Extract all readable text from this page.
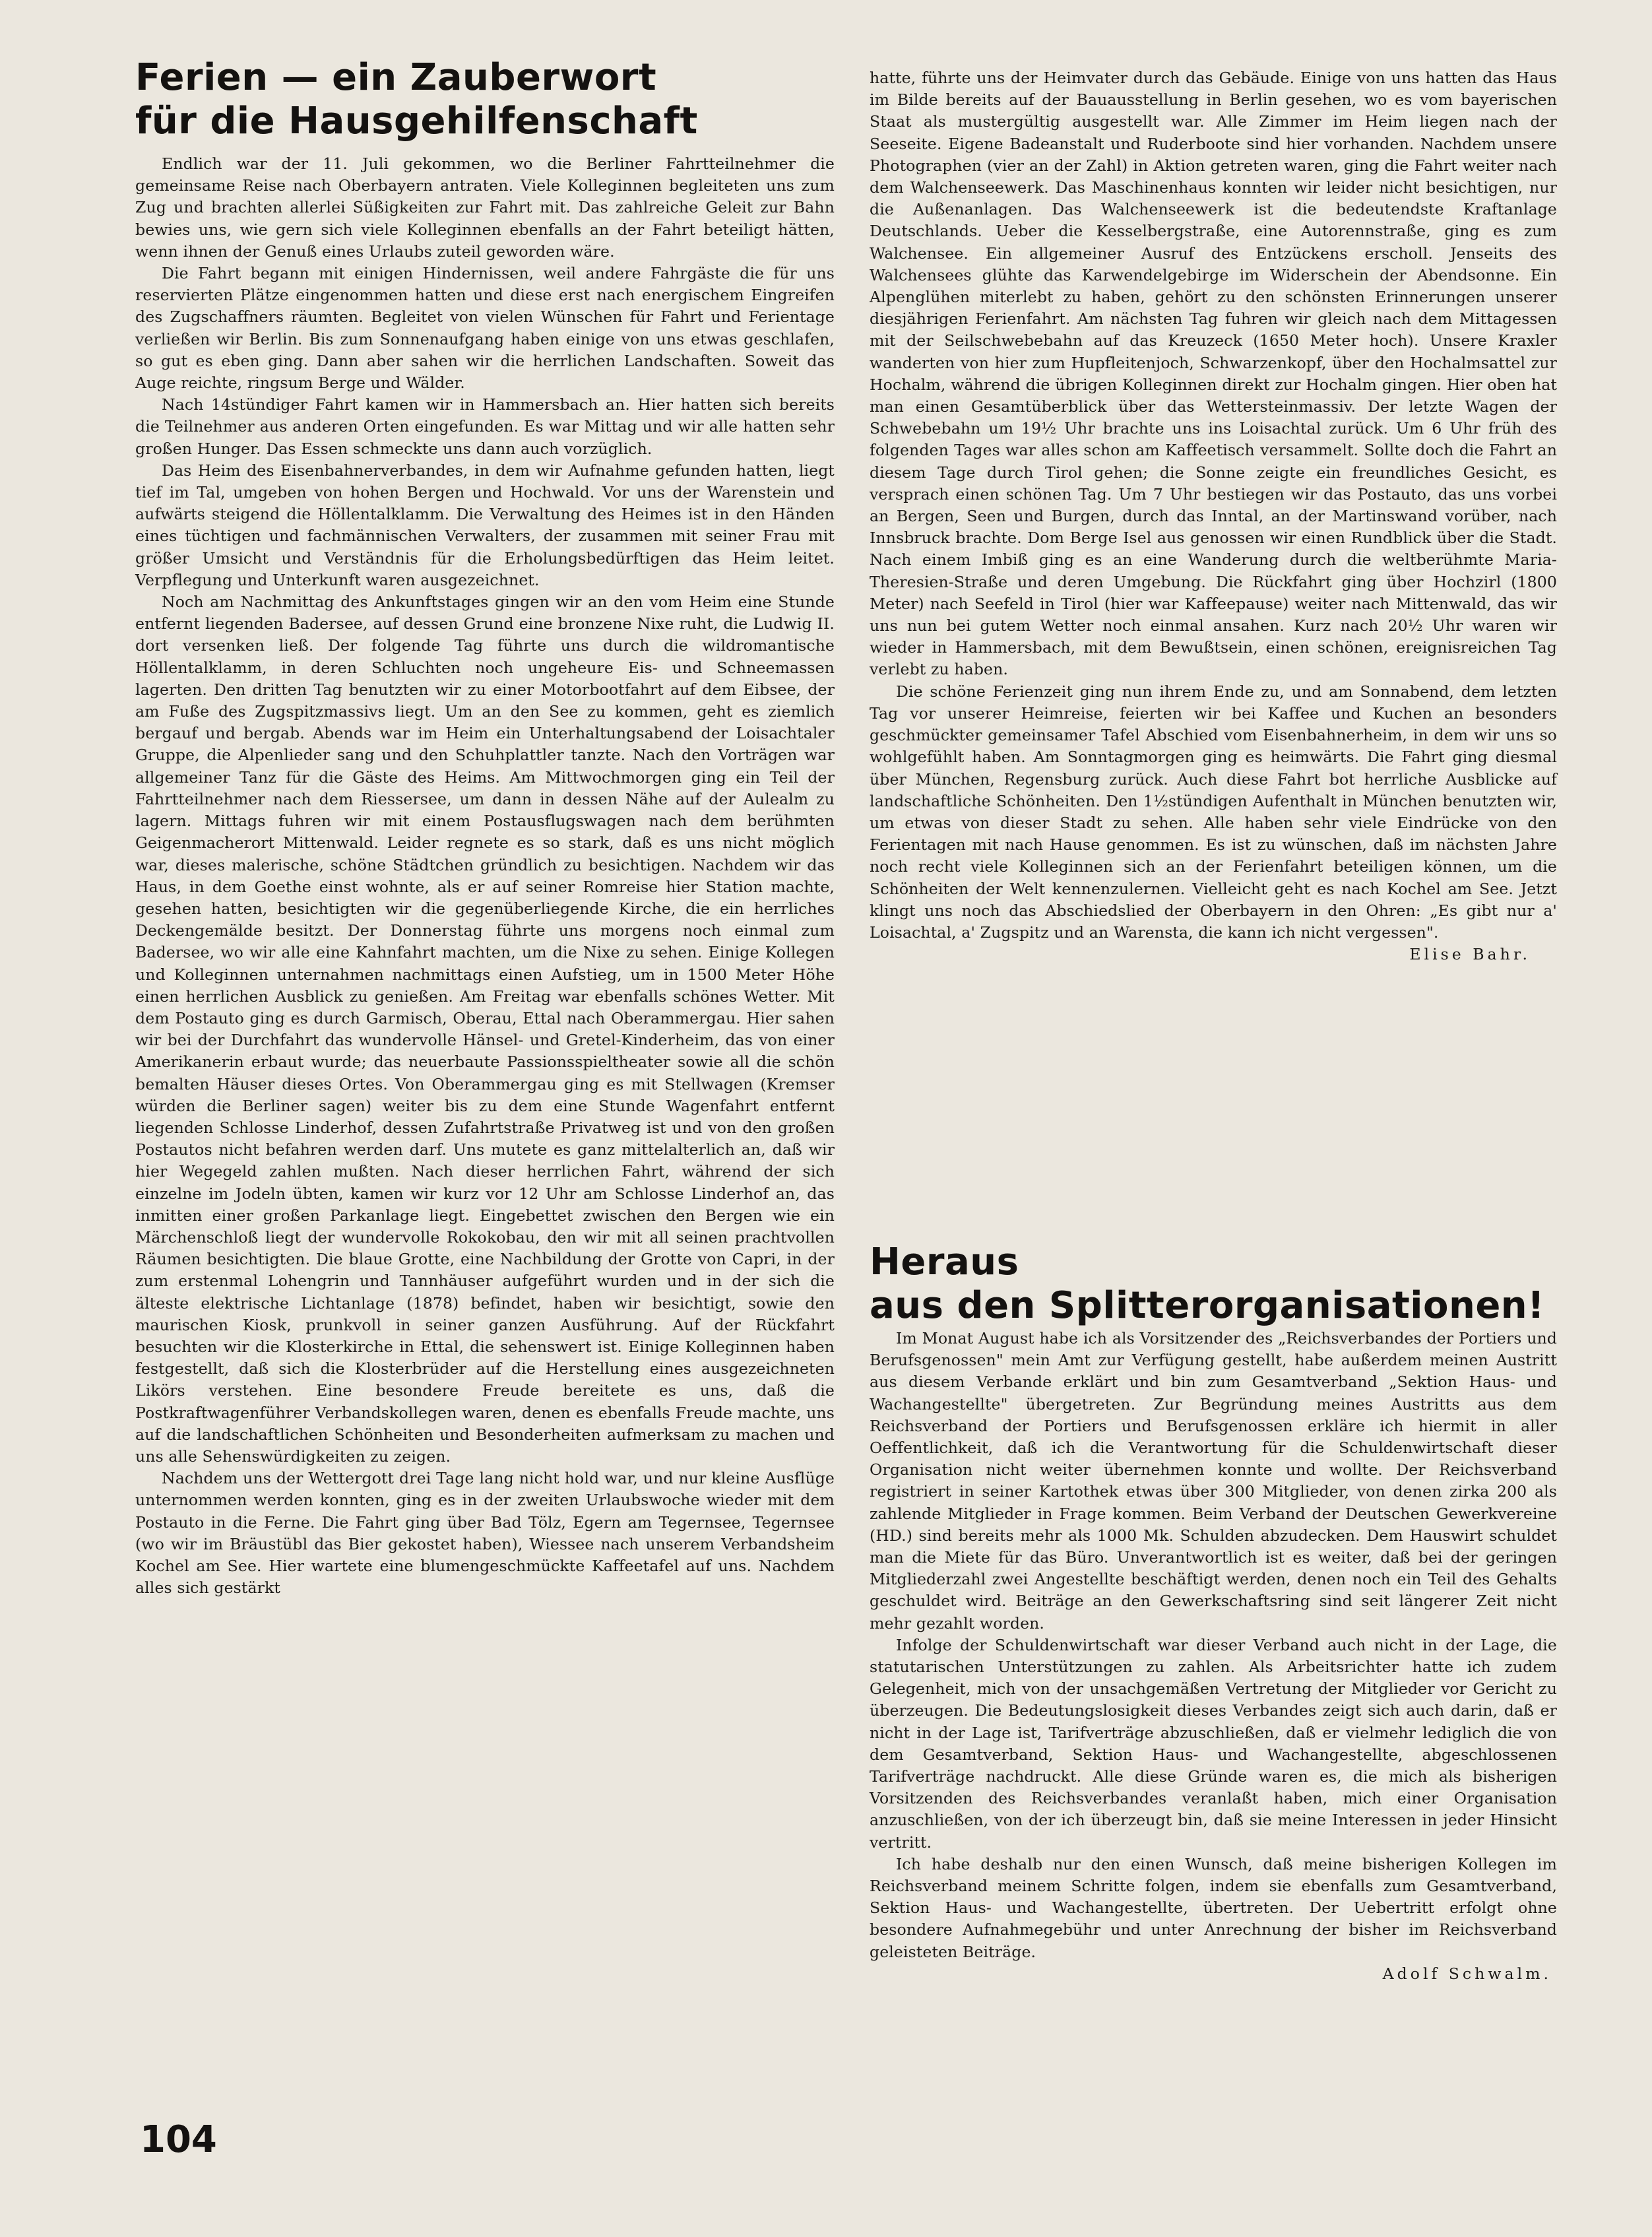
Ferien — ein Zauberwort
für die Hausgehilfenschaft

Endlich war der 11. Juli gekommen, wo die Berliner Fahrtteilnehmer die gemeinsame Reise nach Oberbayern antraten. Viele Kolleginnen begleiteten uns zum Zug und brachten allerlei Süßigkeiten zur Fahrt mit. Das zahlreiche Geleit zur Bahn bewies uns, wie gern sich viele Kolleginnen ebenfalls an der Fahrt beteiligt hätten, wenn ihnen der Genuß eines Urlaubs zuteil geworden wäre.

Die Fahrt begann mit einigen Hindernissen, weil andere Fahrgäste die für uns reservierten Plätze eingenommen hatten und diese erst nach energischem Eingreifen des Zugschaffners räumten. Begleitet von vielen Wünschen für Fahrt und Ferientage verließen wir Berlin. Bis zum Sonnenaufgang haben einige von uns etwas geschlafen, so gut es eben ging. Dann aber sahen wir die herrlichen Landschaften. Soweit das Auge reichte, ringsum Berge und Wälder.

Nach 14stündiger Fahrt kamen wir in Hammersbach an. Hier hatten sich bereits die Teilnehmer aus anderen Orten eingefunden. Es war Mittag und wir alle hatten sehr großen Hunger. Das Essen schmeckte uns dann auch vorzüglich.

Das Heim des Eisenbahnerverbandes, in dem wir Aufnahme gefunden hatten, liegt tief im Tal, umgeben von hohen Bergen und Hochwald. Vor uns der Warenstein und aufwärts steigend die Höllentalklamm. Die Verwaltung des Heimes ist in den Händen eines tüchtigen und fachmännischen Verwalters, der zusammen mit seiner Frau mit größer Umsicht und Verständnis für die Erholungsbedürftigen das Heim leitet. Verpflegung und Unterkunft waren ausgezeichnet.

Noch am Nachmittag des Ankunftstages gingen wir an den vom Heim eine Stunde entfernt liegenden Badersee, auf dessen Grund eine bronzene Nixe ruht, die Ludwig II. dort versenken ließ. Der folgende Tag führte uns durch die wildromantische Höllentalklamm, in deren Schluchten noch ungeheure Eis- und Schneemassen lagerten. Den dritten Tag benutzten wir zu einer Motorbootfahrt auf dem Eibsee, der am Fuße des Zugspitzmassivs liegt. Um an den See zu kommen, geht es ziemlich bergauf und bergab. Abends war im Heim ein Unterhaltungsabend der Loisachtaler Gruppe, die Alpenlieder sang und den Schuhplattler tanzte. Nach den Vorträgen war allgemeiner Tanz für die Gäste des Heims. Am Mittwochmorgen ging ein Teil der Fahrtteilnehmer nach dem Riessersee, um dann in dessen Nähe auf der Aulealm zu lagern. Mittags fuhren wir mit einem Postausflugswagen nach dem berühmten Geigenmacherort Mittenwald. Leider regnete es so stark, daß es uns nicht möglich war, dieses malerische, schöne Städtchen gründlich zu besichtigen. Nachdem wir das Haus, in dem Goethe einst wohnte, als er auf seiner Romreise hier Station machte, gesehen hatten, besichtigten wir die gegenüberliegende Kirche, die ein herrliches Deckengemälde besitzt. Der Donnerstag führte uns morgens noch einmal zum Badersee, wo wir alle eine Kahnfahrt machten, um die Nixe zu sehen. Einige Kollegen und Kolleginnen unternahmen nachmittags einen Aufstieg, um in 1500 Meter Höhe einen herrlichen Ausblick zu genießen. Am Freitag war ebenfalls schönes Wetter. Mit dem Postauto ging es durch Garmisch, Oberau, Ettal nach Oberammergau. Hier sahen wir bei der Durchfahrt das wundervolle Hänsel- und Gretel-Kinderheim, das von einer Amerikanerin erbaut wurde; das neuerbaute Passionsspieltheater sowie all die schön bemalten Häuser dieses Ortes. Von Oberammergau ging es mit Stellwagen (Kremser würden die Berliner sagen) weiter bis zu dem eine Stunde Wagenfahrt entfernt liegenden Schlosse Linderhof, dessen Zufahrtstraße Privatweg ist und von den großen Postautos nicht befahren werden darf. Uns mutete es ganz mittelalterlich an, daß wir hier Wegegeld zahlen mußten. Nach dieser herrlichen Fahrt, während der sich einzelne im Jodeln übten, kamen wir kurz vor 12 Uhr am Schlosse Linderhof an, das inmitten einer großen Parkanlage liegt. Eingebettet zwischen den Bergen wie ein Märchenschloß liegt der wundervolle Rokokobau, den wir mit all seinen prachtvollen Räumen besichtigten. Die blaue Grotte, eine Nachbildung der Grotte von Capri, in der zum erstenmal Lohengrin und Tannhäuser aufgeführt wurden und in der sich die älteste elektrische Lichtanlage (1878) befindet, haben wir besichtigt, sowie den maurischen Kiosk, prunkvoll in seiner ganzen Ausführung. Auf der Rückfahrt besuchten wir die Klosterkirche in Ettal, die sehenswert ist. Einige Kolleginnen haben festgestellt, daß sich die Klosterbrüder auf die Herstellung eines ausgezeichneten Likörs verstehen. Eine besondere Freude bereitete es uns, daß die Postkraftwagenführer Verbandskollegen waren, denen es ebenfalls Freude machte, uns auf die landschaftlichen Schönheiten und Besonderheiten aufmerksam zu machen und uns alle Sehenswürdigkeiten zu zeigen.

Nachdem uns der Wettergott drei Tage lang nicht hold war, und nur kleine Ausflüge unternommen werden konnten, ging es in der zweiten Urlaubswoche wieder mit dem Postauto in die Ferne. Die Fahrt ging über Bad Tölz, Egern am Tegernsee, Tegernsee (wo wir im Bräustübl das Bier gekostet haben), Wiessee nach unserem Verbandsheim Kochel am See. Hier wartete eine blumengeschmückte Kaffeetafel auf uns. Nachdem alles sich gestärkt

hatte, führte uns der Heimvater durch das Gebäude. Einige von uns hatten das Haus im Bilde bereits auf der Bauausstellung in Berlin gesehen, wo es vom bayerischen Staat als mustergültig ausgestellt war. Alle Zimmer im Heim liegen nach der Seeseite. Eigene Badeanstalt und Ruderboote sind hier vorhanden. Nachdem unsere Photographen (vier an der Zahl) in Aktion getreten waren, ging die Fahrt weiter nach dem Walchenseewerk. Das Maschinenhaus konnten wir leider nicht besichtigen, nur die Außenanlagen. Das Walchenseewerk ist die bedeutendste Kraftanlage Deutschlands. Ueber die Kesselbergstraße, eine Autorennstraße, ging es zum Walchensee. Ein allgemeiner Ausruf des Entzückens erscholl. Jenseits des Walchensees glühte das Karwendelgebirge im Widerschein der Abendsonne. Ein Alpenglühen miterlebt zu haben, gehört zu den schönsten Erinnerungen unserer diesjährigen Ferienfahrt. Am nächsten Tag fuhren wir gleich nach dem Mittagessen mit der Seilschwebebahn auf das Kreuzeck (1650 Meter hoch). Unsere Kraxler wanderten von hier zum Hupfleitenjoch, Schwarzenkopf, über den Hochalmsattel zur Hochalm, während die übrigen Kolleginnen direkt zur Hochalm gingen. Hier oben hat man einen Gesamtüberblick über das Wettersteinmassiv. Der letzte Wagen der Schwebebahn um 19½ Uhr brachte uns ins Loisachtal zurück. Um 6 Uhr früh des folgenden Tages war alles schon am Kaffeetisch versammelt. Sollte doch die Fahrt an diesem Tage durch Tirol gehen; die Sonne zeigte ein freundliches Gesicht, es versprach einen schönen Tag. Um 7 Uhr bestiegen wir das Postauto, das uns vorbei an Bergen, Seen und Burgen, durch das Inntal, an der Martinswand vorüber, nach Innsbruck brachte. Dom Berge Isel aus genossen wir einen Rundblick über die Stadt. Nach einem Imbiß ging es an eine Wanderung durch die weltberühmte Maria-Theresien-Straße und deren Umgebung. Die Rückfahrt ging über Hochzirl (1800 Meter) nach Seefeld in Tirol (hier war Kaffeepause) weiter nach Mittenwald, das wir uns nun bei gutem Wetter noch einmal ansahen. Kurz nach 20½ Uhr waren wir wieder in Hammersbach, mit dem Bewußtsein, einen schönen, ereignisreichen Tag verlebt zu haben.

Die schöne Ferienzeit ging nun ihrem Ende zu, und am Sonnabend, dem letzten Tag vor unserer Heimreise, feierten wir bei Kaffee und Kuchen an besonders geschmückter gemeinsamer Tafel Abschied vom Eisenbahnerheim, in dem wir uns so wohlgefühlt haben. Am Sonntagmorgen ging es heimwärts. Die Fahrt ging diesmal über München, Regensburg zurück. Auch diese Fahrt bot herrliche Ausblicke auf landschaftliche Schönheiten. Den 1½stündigen Aufenthalt in München benutzten wir, um etwas von dieser Stadt zu sehen. Alle haben sehr viele Eindrücke von den Ferientagen mit nach Hause genommen. Es ist zu wünschen, daß im nächsten Jahre noch recht viele Kolleginnen sich an der Ferienfahrt beteiligen können, um die Schönheiten der Welt kennenzulernen. Vielleicht geht es nach Kochel am See. Jetzt klingt uns noch das Abschiedslied der Oberbayern in den Ohren: „Es gibt nur a' Loisachtal, a' Zugspitz und an Warensta, die kann ich nicht vergessen".

Elise Bahr.

Heraus
aus den Splitterorganisationen!

Im Monat August habe ich als Vorsitzender des „Reichsverbandes der Portiers und Berufsgenossen" mein Amt zur Verfügung gestellt, habe außerdem meinen Austritt aus diesem Verbande erklärt und bin zum Gesamtverband „Sektion Haus- und Wachangestellte" übergetreten. Zur Begründung meines Austritts aus dem Reichsverband der Portiers und Berufsgenossen erkläre ich hiermit in aller Oeffentlichkeit, daß ich die Verantwortung für die Schuldenwirtschaft dieser Organisation nicht weiter übernehmen konnte und wollte. Der Reichsverband registriert in seiner Kartothek etwas über 300 Mitglieder, von denen zirka 200 als zahlende Mitglieder in Frage kommen. Beim Verband der Deutschen Gewerkvereine (HD.) sind bereits mehr als 1000 Mk. Schulden abzudecken. Dem Hauswirt schuldet man die Miete für das Büro. Unverantwortlich ist es weiter, daß bei der geringen Mitgliederzahl zwei Angestellte beschäftigt werden, denen noch ein Teil des Gehalts geschuldet wird. Beiträge an den Gewerkschaftsring sind seit längerer Zeit nicht mehr gezahlt worden.

Infolge der Schuldenwirtschaft war dieser Verband auch nicht in der Lage, die statutarischen Unterstützungen zu zahlen. Als Arbeitsrichter hatte ich zudem Gelegenheit, mich von der unsachgemäßen Vertretung der Mitglieder vor Gericht zu überzeugen. Die Bedeutungslosigkeit dieses Verbandes zeigt sich auch darin, daß er nicht in der Lage ist, Tarifverträge abzuschließen, daß er vielmehr lediglich die von dem Gesamtverband, Sektion Haus- und Wachangestellte, abgeschlossenen Tarifverträge nachdruckt. Alle diese Gründe waren es, die mich als bisherigen Vorsitzenden des Reichsverbandes veranlaßt haben, mich einer Organisation anzuschließen, von der ich überzeugt bin, daß sie meine Interessen in jeder Hinsicht vertritt.

Ich habe deshalb nur den einen Wunsch, daß meine bisherigen Kollegen im Reichsverband meinem Schritte folgen, indem sie ebenfalls zum Gesamtverband, Sektion Haus- und Wachangestellte, übertreten. Der Uebertritt erfolgt ohne besondere Aufnahmegebühr und unter Anrechnung der bisher im Reichsverband geleisteten Beiträge.

Adolf Schwalm.

104
